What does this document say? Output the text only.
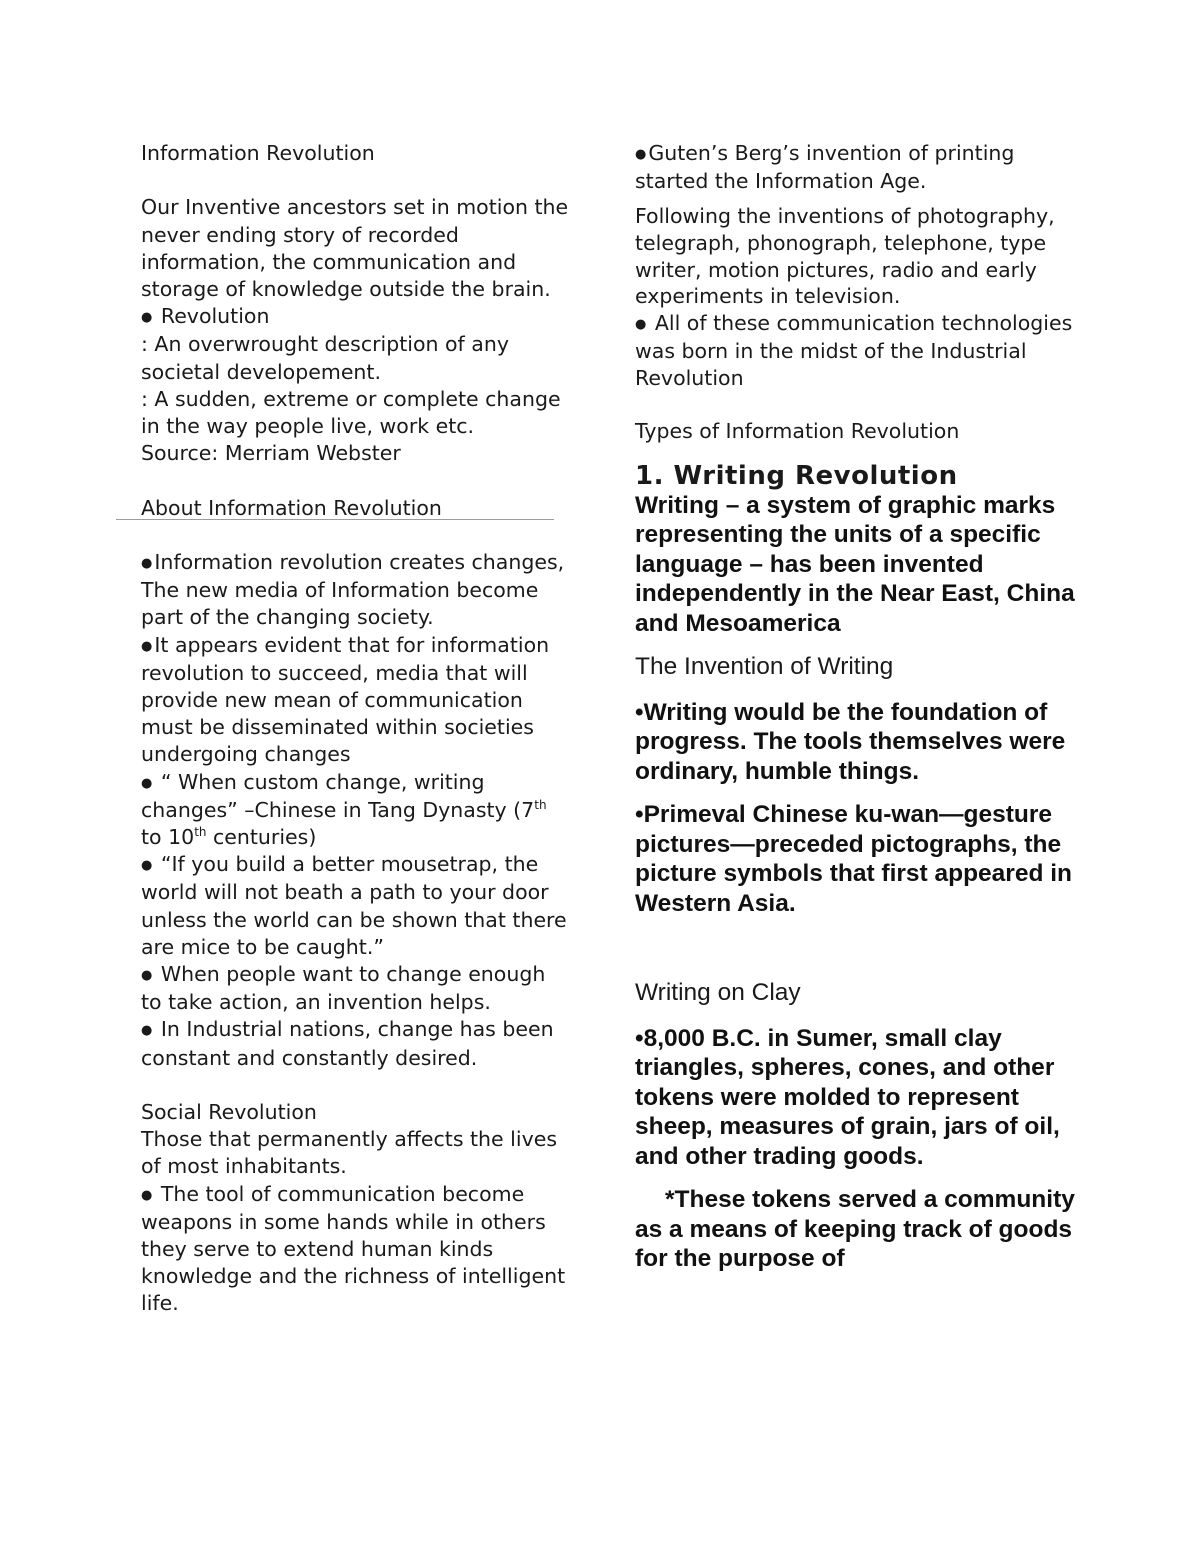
Information Revolution

Our Inventive ancestors set in motion the never ending story of recorded information, the communication and storage of knowledge outside the brain.

● Revolution

: An overwrought description of any societal developement.

: A sudden, extreme or complete change in the way people live, work etc.

Source: Merriam Webster

About Information Revolution

●Information revolution creates changes, The new media of Information become part of the changing society.

●It appears evident that for information revolution to succeed, media that will provide new mean of communication must be disseminated within societies undergoing changes

● “ When custom change, writing changes” –Chinese in Tang Dynasty (7th to 10th centuries)

● “If you build a better mousetrap, the world will not beath a path to your door unless the world can be shown that there are mice to be caught.”

● When people want to change enough to take action, an invention helps.

● In Industrial nations, change has been constant and constantly desired.

Social Revolution

Those that permanently affects the lives of most inhabitants.

● The tool of communication become weapons in some hands while in others they serve to extend human kinds knowledge and the richness of intelligent life.

●Guten’s Berg’s invention of printing started the Information Age.

Following the inventions of photography, telegraph, phonograph, telephone, type writer, motion pictures, radio and early experiments in television.

● All of these communication technologies was born in the midst of the Industrial Revolution

Types of Information Revolution

1. Writing Revolution

Writing – a system of graphic marks representing the units of a specific language – has been invented independently in the Near East, China and Mesoamerica

The Invention of Writing

•Writing would be the foundation of progress. The tools themselves were ordinary, humble things.

•Primeval Chinese ku-wan—gesture pictures—preceded pictographs, the picture symbols that first appeared in Western Asia.

Writing on Clay

•8,000 B.C. in Sumer, small clay triangles, spheres, cones, and other tokens were molded to represent sheep, measures of grain, jars of oil, and other trading goods.

*These tokens served a community as a means of keeping track of goods for the purpose of
